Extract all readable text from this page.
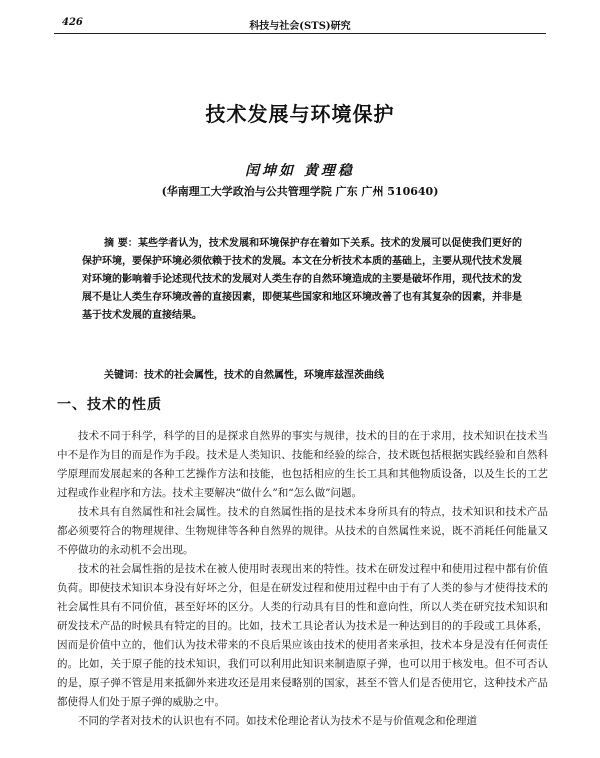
426	科技与社会(STS)研究
技术发展与环境保护
闰坤如 黄理稳
(华南理工大学政治与公共管理学院 广东 广州 510640)
摘 要：某些学者认为，技术发展和环境保护存在着如下关系。技术的发展可以促使我们更好的保护环境，要保护环境必须依赖于技术的发展。本文在分析技术本质的基础上，主要从现代技术发展对环境的影响着手论述现代技术的发展对人类生存的自然环境造成的主要是破坏作用，现代技术的发展不是让人类生存环境改善的直接因素，即便某些国家和地区环境改善了也有其复杂的因素，并非是基于技术发展的直接结果。
关键词：技术的社会属性，技术的自然属性，环境库兹涅茨曲线
一、技术的性质

技术不同于科学，科学的目的是探求自然界的事实与规律，技术的目的在于求用，技术知识在技术当中不是作为目的而是作为手段。技术是人类知识、技能和经验的综合，技术既包括根据实践经验和自然科学原理而发展起来的各种工艺操作方法和技能，也包括相应的生长工具和其他物质设备，以及生长的工艺过程或作业程序和方法。技术主要解决“做什么”和“怎么做”问题。

技术具有自然属性和社会属性。技术的自然属性指的是技术本身所具有的特点，技术知识和技术产品都必须要符合的物理规律、生物规律等各种自然界的规律。从技术的自然属性来说，既不消耗任何能量又不停做功的永动机不会出现。

技术的社会属性指的是技术在被人使用时表现出来的特性。技术在研发过程中和使用过程中都有价值负荷。即使技术知识本身没有好坏之分，但是在研发过程和使用过程中由于有了人类的参与才使得技术的社会属性具有不同价值，甚至好坏的区分。人类的行动具有目的性和意向性，所以人类在研究技术知识和研发技术产品的时候具有特定的目的。比如，技术工具论者认为技术是一种达到目的的手段或工具体系，因而是价值中立的，他们认为技术带来的不良后果应该由技术的使用者来承担，技术本身是没有任何责任的。比如，关于原子能的技术知识，我们可以利用此知识来制造原子弹，也可以用于核发电。但不可否认的是，原子弹不管是用来抵御外来进攻还是用来侵略别的国家，甚至不管人们是否使用它，这种技术产品都使得人们处于原子弹的威胁之中。

不同的学者对技术的认识也有不同。如技术伦理论者认为技术不是与价值观念和伦理道
